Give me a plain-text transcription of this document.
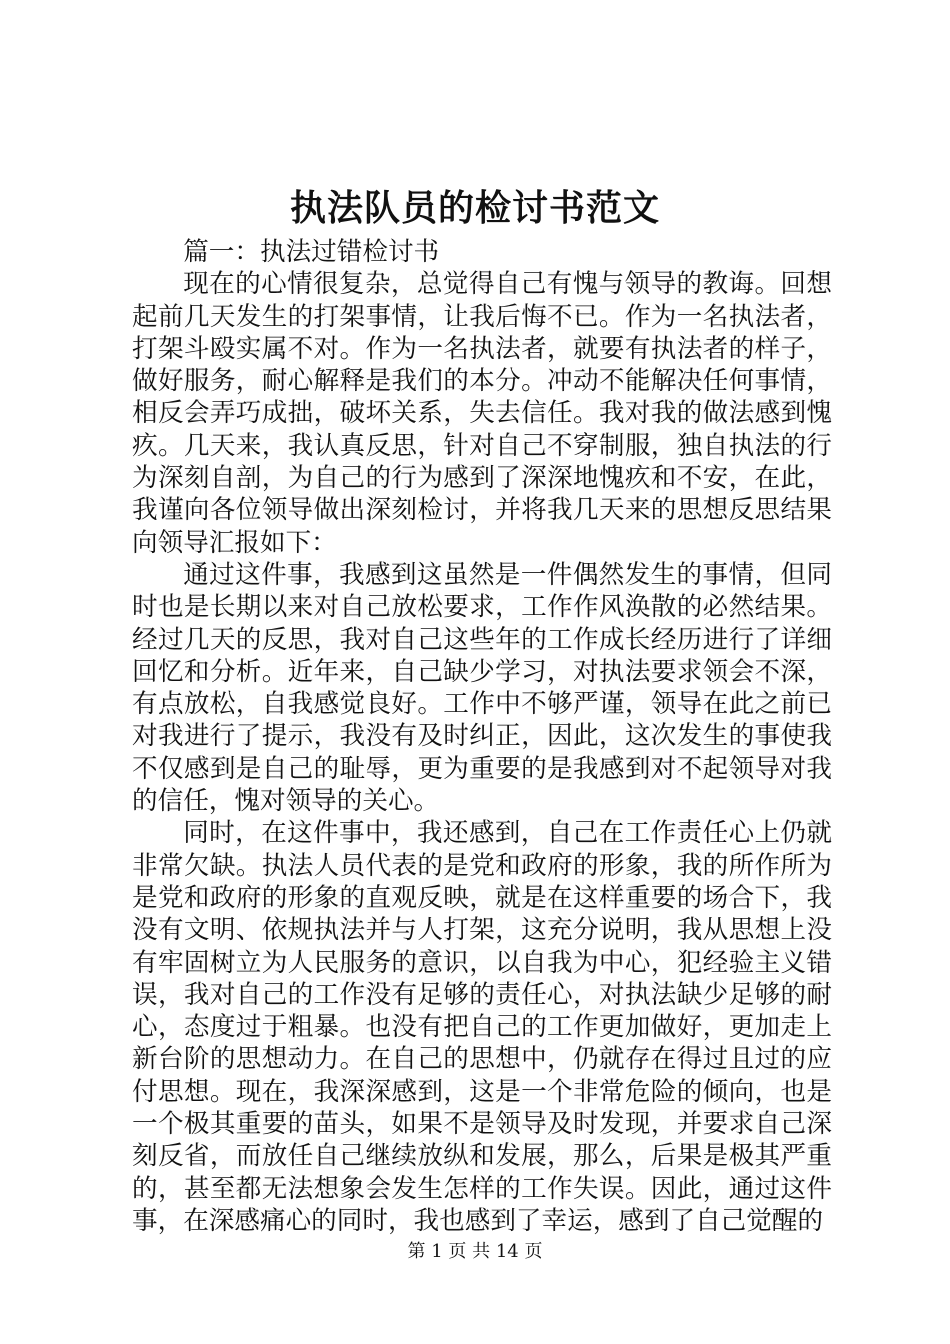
执法队员的检讨书范文

篇一：执法过错检讨书

现在的心情很复杂，总觉得自己有愧与领导的教诲。回想起前几天发生的打架事情，让我后悔不已。作为一名执法者，打架斗殴实属不对。作为一名执法者，就要有执法者的样子，做好服务，耐心解释是我们的本分。冲动不能解决任何事情，相反会弄巧成拙，破坏关系，失去信任。我对我的做法感到愧疚。几天来，我认真反思，针对自己不穿制服，独自执法的行为深刻自剖，为自己的行为感到了深深地愧疚和不安，在此，我谨向各位领导做出深刻检讨，并将我几天来的思想反思结果向领导汇报如下：

通过这件事，我感到这虽然是一件偶然发生的事情，但同时也是长期以来对自己放松要求，工作作风涣散的必然结果。经过几天的反思，我对自己这些年的工作成长经历进行了详细回忆和分析。近年来，自己缺少学习，对执法要求领会不深，有点放松，自我感觉良好。工作中不够严谨，领导在此之前已对我进行了提示，我没有及时纠正，因此，这次发生的事使我不仅感到是自己的耻辱，更为重要的是我感到对不起领导对我的信任，愧对领导的关心。

同时，在这件事中，我还感到，自己在工作责任心上仍就非常欠缺。执法人员代表的是党和政府的形象，我的所作所为是党和政府的形象的直观反映，就是在这样重要的场合下，我没有文明、依规执法并与人打架，这充分说明，我从思想上没有牢固树立为人民服务的意识，以自我为中心，犯经验主义错误，我对自己的工作没有足够的责任心，对执法缺少足够的耐心，态度过于粗暴。也没有把自己的工作更加做好，更加走上新台阶的思想动力。在自己的思想中，仍就存在得过且过的应付思想。现在，我深深感到，这是一个非常危险的倾向，也是一个极其重要的苗头，如果不是领导及时发现，并要求自己深刻反省，而放任自己继续放纵和发展，那么，后果是极其严重的，甚至都无法想象会发生怎样的工作失误。因此，通过这件事，在深感痛心的同时，我也感到了幸运，感到了自己觉醒的

第 1 页 共 14 页
